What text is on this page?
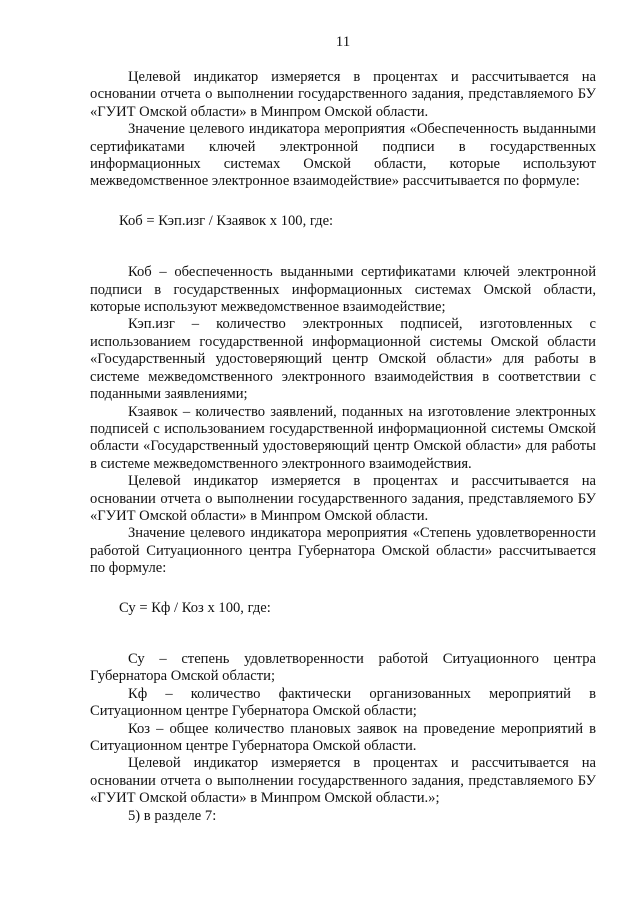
11

Целевой индикатор измеряется в процентах и рассчитывается на основании отчета о выполнении государственного задания, представляемого БУ «ГУИТ Омской области» в Минпром Омской области.

Значение целевого индикатора мероприятия «Обеспеченность выданными сертификатами ключей электронной подписи в государственных информационных системах Омской области, которые используют межведомственное электронное взаимодействие» рассчитывается по формуле:

Коб = Кэп.изг / Кзаявок х 100, где:

Коб – обеспеченность выданными сертификатами ключей электронной подписи в государственных информационных системах Омской области, которые используют межведомственное взаимодействие;

Кэп.изг – количество электронных подписей, изготовленных с использованием государственной информационной системы Омской области «Государственный удостоверяющий центр Омской области» для работы в системе межведомственного электронного взаимодействия в соответствии с поданными заявлениями;

Кзаявок – количество заявлений, поданных на изготовление электронных подписей с использованием государственной информационной системы Омской области «Государственный удостоверяющий центр Омской области» для работы в системе межведомственного электронного взаимодействия.

Целевой индикатор измеряется в процентах и рассчитывается на основании отчета о выполнении государственного задания, представляемого БУ «ГУИТ Омской области» в Минпром Омской области.

Значение целевого индикатора мероприятия «Степень удовлетворенности работой Ситуационного центра Губернатора Омской области» рассчитывается по формуле:

Су = Кф / Коз х 100, где:

Су – степень удовлетворенности работой Ситуационного центра Губернатора Омской области;

Кф – количество фактически организованных мероприятий в Ситуационном центре Губернатора Омской области;

Коз – общее количество плановых заявок на проведение мероприятий в Ситуационном центре Губернатора Омской области.

Целевой индикатор измеряется в процентах и рассчитывается на основании отчета о выполнении государственного задания, представляемого БУ «ГУИТ Омской области» в Минпром Омской области.»;

5) в разделе 7:
